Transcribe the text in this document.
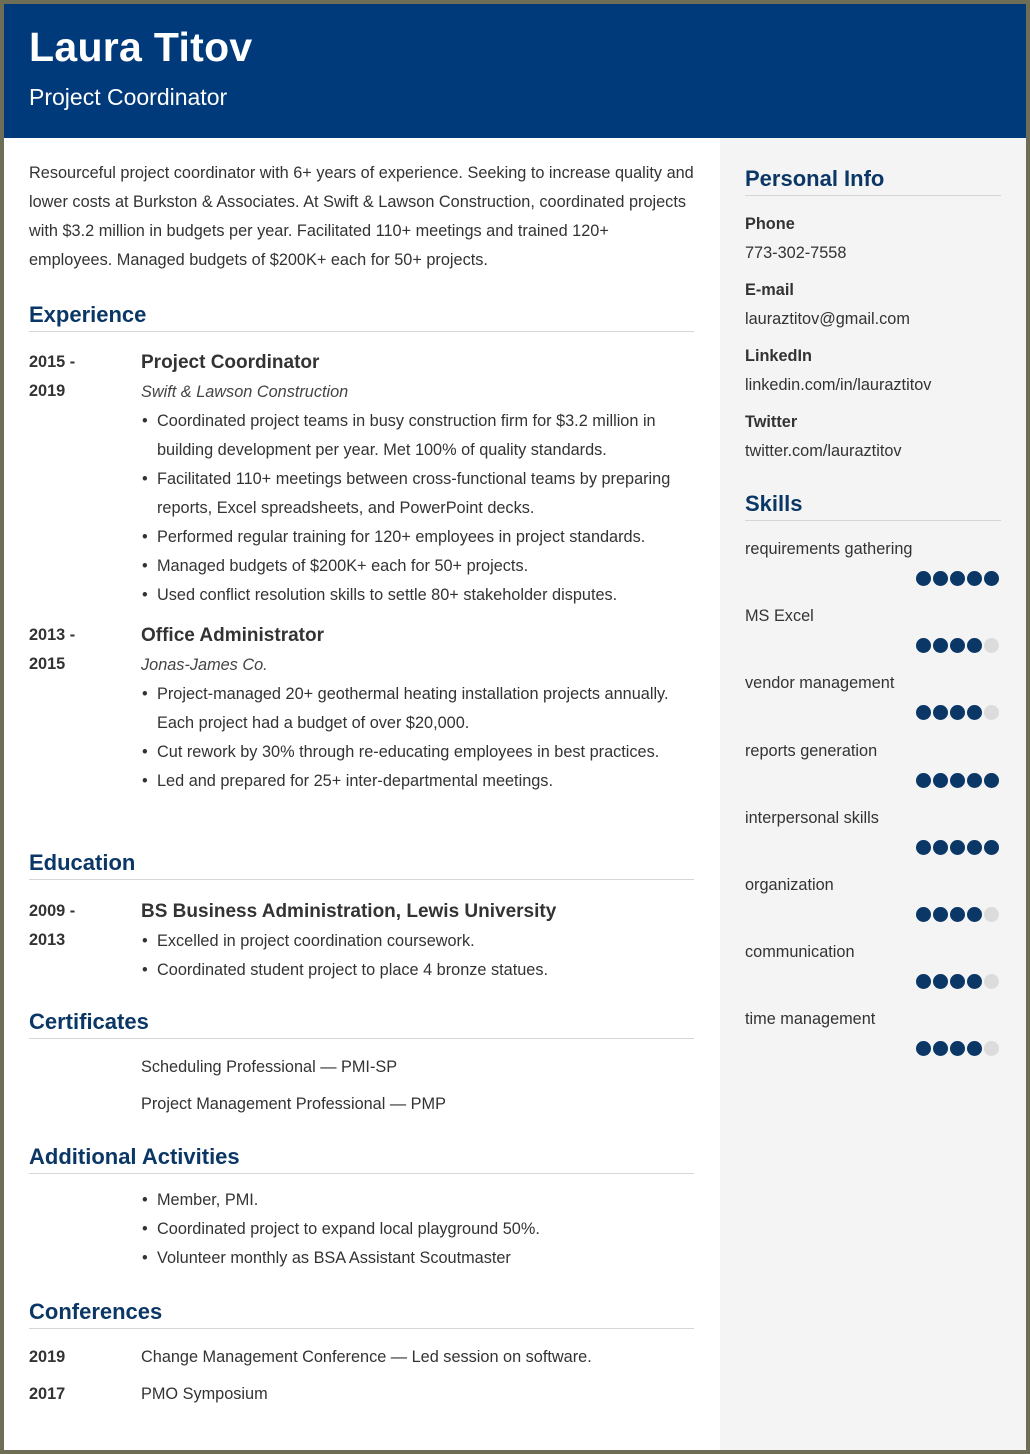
Laura Titov
Project Coordinator
Personal Info
Phone
773-302-7558
E-mail
lauraztitov@gmail.com
LinkedIn
linkedin.com/in/lauraztitov
Twitter
twitter.com/lauraztitov
Skills
requirements gathering
MS Excel
vendor management
reports generation
interpersonal skills
organization
communication
time management
Resourceful project coordinator with 6+ years of experience. Seeking to increase quality and lower costs at Burkston & Associates. At Swift & Lawson Construction, coordinated projects with $3.2 million in budgets per year. Facilitated 110+ meetings and trained 120+ employees. Managed budgets of $200K+ each for 50+ projects.
Experience
2015 -
2019
Project Coordinator
Swift & Lawson Construction
• Coordinated project teams in busy construction firm for $3.2 million in building development per year. Met 100% of quality standards.
• Facilitated 110+ meetings between cross-functional teams by preparing reports, Excel spreadsheets, and PowerPoint decks.
• Performed regular training for 120+ employees in project standards.
• Managed budgets of $200K+ each for 50+ projects.
• Used conflict resolution skills to settle 80+ stakeholder disputes.
2013 -
2015
Office Administrator
Jonas-James Co.
• Project-managed 20+ geothermal heating installation projects annually. Each project had a budget of over $20,000.
• Cut rework by 30% through re-educating employees in best practices.
• Led and prepared for 25+ inter-departmental meetings.
Education
2009 -
2013
BS Business Administration, Lewis University
• Excelled in project coordination coursework.
• Coordinated student project to place 4 bronze statues.
Certificates
Scheduling Professional — PMI-SP
Project Management Professional — PMP
Additional Activities
• Member, PMI.
• Coordinated project to expand local playground 50%.
• Volunteer monthly as BSA Assistant Scoutmaster
Conferences
2019	Change Management Conference — Led session on software.
2017	PMO Symposium
